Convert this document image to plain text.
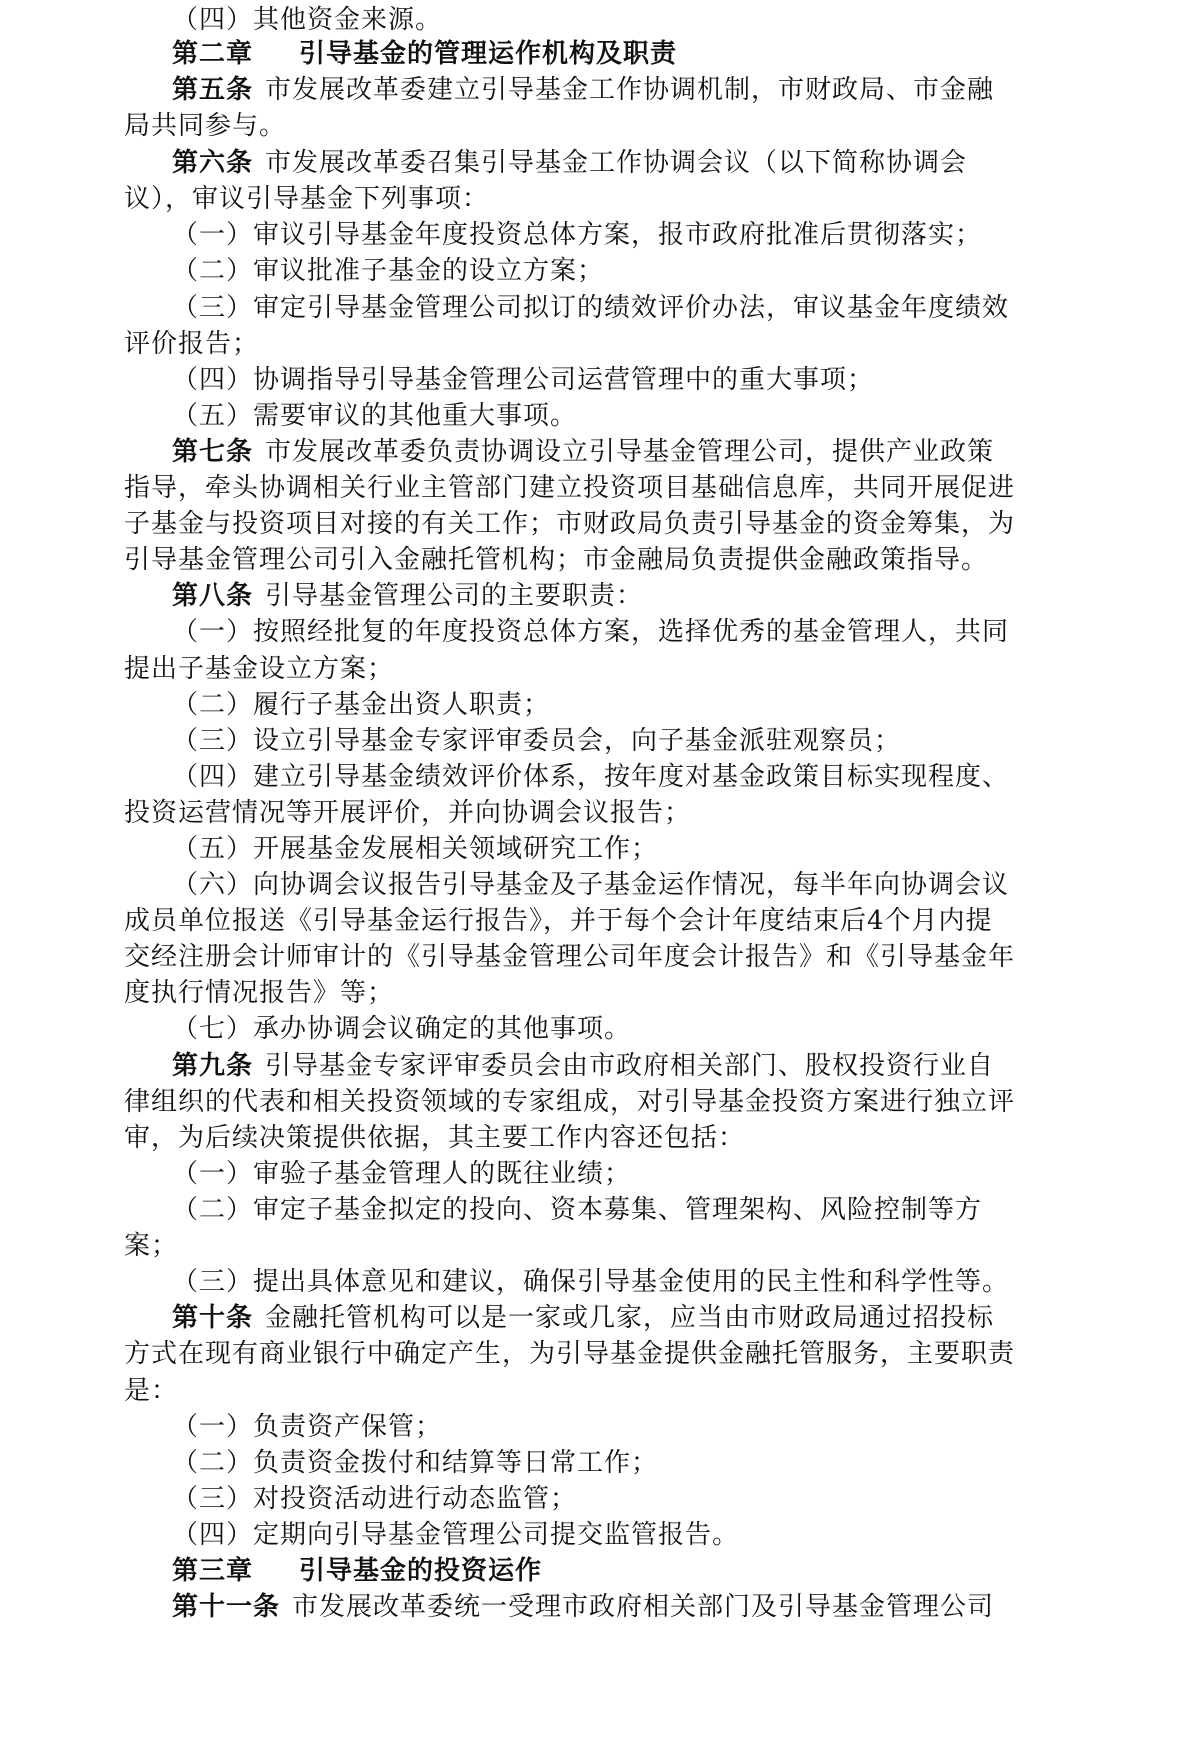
（四）其他资金来源。
第二章 引导基金的管理运作机构及职责
第五条 市发展改革委建立引导基金工作协调机制，市财政局、市金融
局共同参与。
第六条 市发展改革委召集引导基金工作协调会议（以下简称协调会
议），审议引导基金下列事项：
（一）审议引导基金年度投资总体方案，报市政府批准后贯彻落实；
（二）审议批准子基金的设立方案；
（三）审定引导基金管理公司拟订的绩效评价办法，审议基金年度绩效
评价报告；
（四）协调指导引导基金管理公司运营管理中的重大事项；
（五）需要审议的其他重大事项。
第七条 市发展改革委负责协调设立引导基金管理公司，提供产业政策
指导，牵头协调相关行业主管部门建立投资项目基础信息库，共同开展促进
子基金与投资项目对接的有关工作；市财政局负责引导基金的资金筹集，为
引导基金管理公司引入金融托管机构；市金融局负责提供金融政策指导。
第八条 引导基金管理公司的主要职责：
（一）按照经批复的年度投资总体方案，选择优秀的基金管理人，共同
提出子基金设立方案；
（二）履行子基金出资人职责；
（三）设立引导基金专家评审委员会，向子基金派驻观察员；
（四）建立引导基金绩效评价体系，按年度对基金政策目标实现程度、
投资运营情况等开展评价，并向协调会议报告；
（五）开展基金发展相关领域研究工作；
（六）向协调会议报告引导基金及子基金运作情况，每半年向协调会议
成员单位报送《引导基金运行报告》，并于每个会计年度结束后4个月内提
交经注册会计师审计的《引导基金管理公司年度会计报告》和《引导基金年
度执行情况报告》等；
（七）承办协调会议确定的其他事项。
第九条 引导基金专家评审委员会由市政府相关部门、股权投资行业自
律组织的代表和相关投资领域的专家组成，对引导基金投资方案进行独立评
审，为后续决策提供依据，其主要工作内容还包括：
（一）审验子基金管理人的既往业绩；
（二）审定子基金拟定的投向、资本募集、管理架构、风险控制等方
案；
（三）提出具体意见和建议，确保引导基金使用的民主性和科学性等。
第十条 金融托管机构可以是一家或几家，应当由市财政局通过招投标
方式在现有商业银行中确定产生，为引导基金提供金融托管服务，主要职责
是：
（一）负责资产保管；
（二）负责资金拨付和结算等日常工作；
（三）对投资活动进行动态监管；
（四）定期向引导基金管理公司提交监管报告。
第三章 引导基金的投资运作
第十一条 市发展改革委统一受理市政府相关部门及引导基金管理公司
